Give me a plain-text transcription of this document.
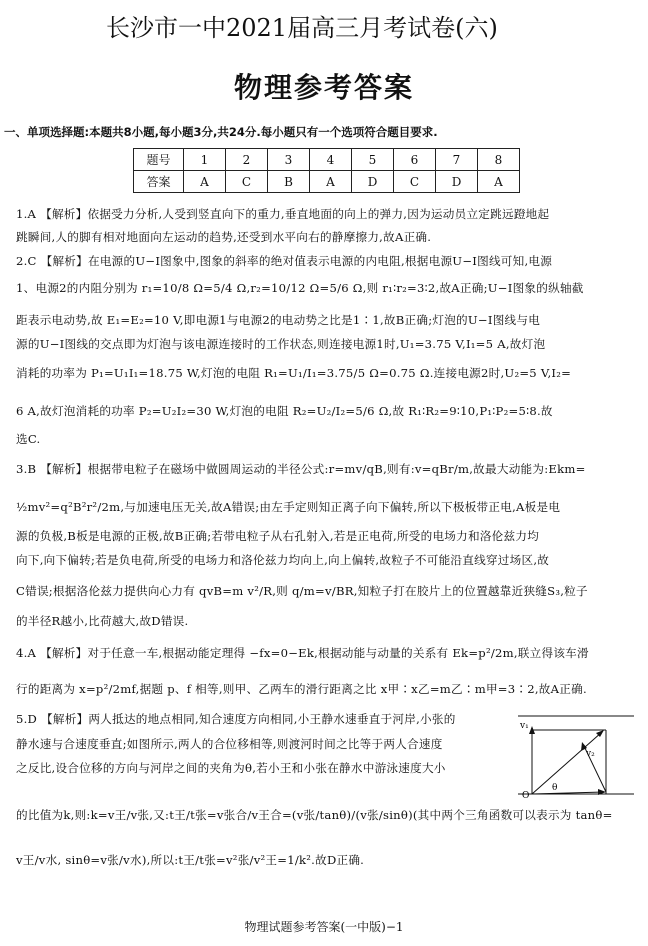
长沙市一中2021届高三月考试卷(六)
物理参考答案
一、单项选择题:本题共8小题,每小题3分,共24分.每小题只有一个选项符合题目要求.
题号	1	2	3	4	5	6	7	8
答案	A	C	B	A	D	C	D	A
1.A 【解析】依据受力分析,人受到竖直向下的重力,垂直地面的向上的弹力,因为运动员立定跳远蹬地起
跳瞬间,人的脚有相对地面向左运动的趋势,还受到水平向右的静摩擦力,故A正确.
2.C 【解析】在电源的U−I图象中,图象的斜率的绝对值表示电源的内电阻,根据电源U−I图线可知,电源
1、电源2的内阻分别为 r₁=10/8 Ω=5/4 Ω,r₂=10/12 Ω=5/6 Ω,则 r₁∶r₂=3∶2,故A正确;U−I图象的纵轴截
距表示电动势,故 E₁=E₂=10 V,即电源1与电源2的电动势之比是1∶1,故B正确;灯泡的U−I图线与电
源的U−I图线的交点即为灯泡与该电源连接时的工作状态,则连接电源1时,U₁=3.75 V,I₁=5 A,故灯泡
消耗的功率为 P₁=U₁I₁=18.75 W,灯泡的电阻 R₁=U₁/I₁=3.75/5 Ω=0.75 Ω.连接电源2时,U₂=5 V,I₂=
6 A,故灯泡消耗的功率 P₂=U₂I₂=30 W,灯泡的电阻 R₂=U₂/I₂=5/6 Ω,故 R₁∶R₂=9∶10,P₁∶P₂=5∶8.故
选C.
3.B 【解析】根据带电粒子在磁场中做圆周运动的半径公式:r=mv/qB,则有:v=qBr/m,故最大动能为:Ekm=
½mv²=q²B²r²/2m,与加速电压无关,故A错误;由左手定则知正离子向下偏转,所以下极板带正电,A板是电
源的负极,B板是电源的正极,故B正确;若带电粒子从右孔射入,若是正电荷,所受的电场力和洛伦兹力均
向下,向下偏转;若是负电荷,所受的电场力和洛伦兹力均向上,向上偏转,故粒子不可能沿直线穿过场区,故
C错误;根据洛伦兹力提供向心力有 qvB=m v²/R,则 q/m=v/BR,知粒子打在胶片上的位置越靠近狭缝S₃,粒子
的半径R越小,比荷越大,故D错误.
4.A 【解析】对于任意一车,根据动能定理得 −fx=0−Ek,根据动能与动量的关系有 Ek=p²/2m,联立得该车滑
行的距离为 x=p²/2mf,据题 p、f 相等,则甲、乙两车的滑行距离之比 x甲∶x乙=m乙∶m甲=3∶2,故A正确.
5.D 【解析】两人抵达的地点相同,知合速度方向相同,小王静水速垂直于河岸,小张的
静水速与合速度垂直;如图所示,两人的合位移相等,则渡河时间之比等于两人合速度
之反比,设合位移的方向与河岸之间的夹角为θ,若小王和小张在静水中游泳速度大小
的比值为k,则:k=v王/v张,又:t王/t张=v张合/v王合=(v张/tanθ)/(v张/sinθ)(其中两个三角函数可以表示为 tanθ=
v王/v水, sinθ=v张/v水),所以:t王/t张=v²张/v²王=1/k².故D正确.
v₁
v₂
θ
O
物理试题参考答案(一中版)−1
